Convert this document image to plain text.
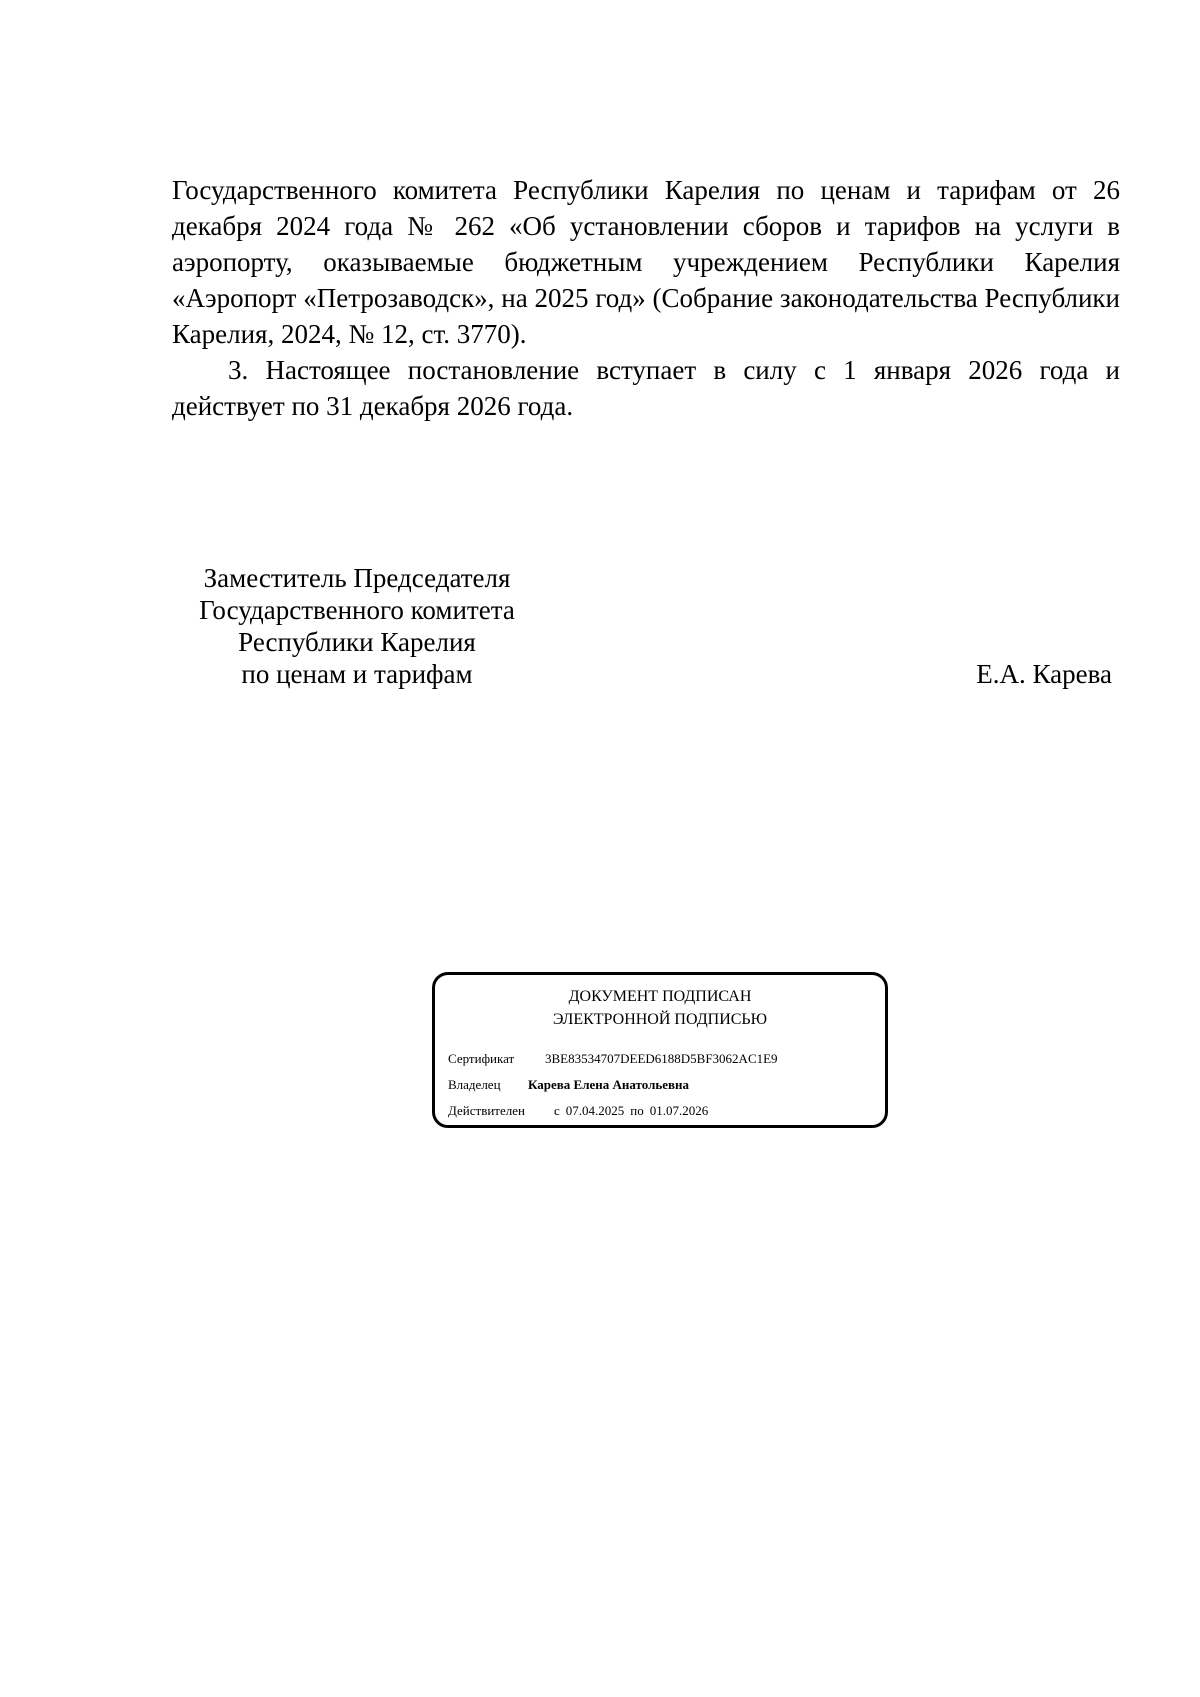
Государственного комитета Республики Карелия по ценам и тарифам от 26 декабря 2024 года № 262 «Об установлении сборов и тарифов на услуги в аэропорту, оказываемые бюджетным учреждением Республики Карелия «Аэропорт «Петрозаводск», на 2025 год» (Собрание законодательства Республики Карелия, 2024, № 12, ст. 3770).

3. Настоящее постановление вступает в силу с 1 января 2026 года и действует по 31 декабря 2026 года.

Заместитель Председателя
Государственного комитета
Республики Карелия
по ценам и тарифам	Е.А. Карева
ДОКУМЕНТ ПОДПИСАН
ЭЛЕКТРОННОЙ ПОДПИСЬЮ
Сертификат 3BE83534707DEED6188D5BF3062AC1E9
Владелец Карева Елена Анатольевна
Действителен с 07.04.2025 по 01.07.2026
